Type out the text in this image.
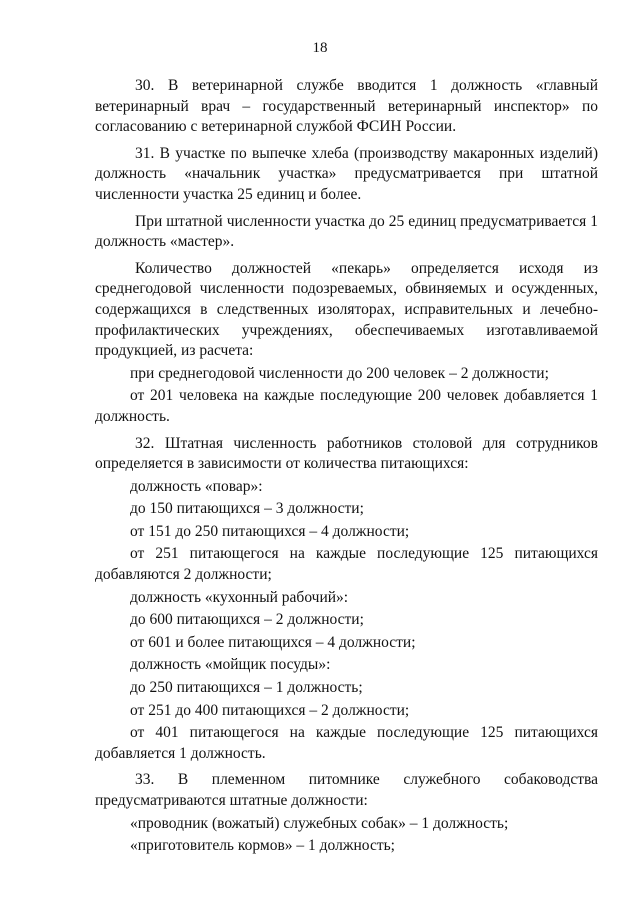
18

30. В ветеринарной службе вводится 1 должность «главный ветеринарный врач – государственный ветеринарный инспектор» по согласованию с ветеринарной службой ФСИН России.

31. В участке по выпечке хлеба (производству макаронных изделий) должность «начальник участка» предусматривается при штатной численности участка 25 единиц и более.

При штатной численности участка до 25 единиц предусматривается 1 должность «мастер».

Количество должностей «пекарь» определяется исходя из среднегодовой численности подозреваемых, обвиняемых и осужденных, содержащихся в следственных изоляторах, исправительных и лечебно-профилактических учреждениях, обеспечиваемых изготавливаемой продукцией, из расчета:

при среднегодовой численности до 200 человек – 2 должности;

от 201 человека на каждые последующие 200 человек добавляется 1 должность.

32. Штатная численность работников столовой для сотрудников определяется в зависимости от количества питающихся:

должность «повар»:

до 150 питающихся – 3 должности;

от 151 до 250 питающихся – 4 должности;

от 251 питающегося на каждые последующие 125 питающихся добавляются 2 должности;

должность «кухонный рабочий»:

до 600 питающихся – 2 должности;

от 601 и более питающихся – 4 должности;

должность «мойщик посуды»:

до 250 питающихся – 1 должность;

от 251 до 400 питающихся – 2 должности;

от 401 питающегося на каждые последующие 125 питающихся добавляется 1 должность.

33. В племенном питомнике служебного собаководства предусматриваются штатные должности:

«проводник (вожатый) служебных собак» – 1 должность;

«приготовитель кормов» – 1 должность;
